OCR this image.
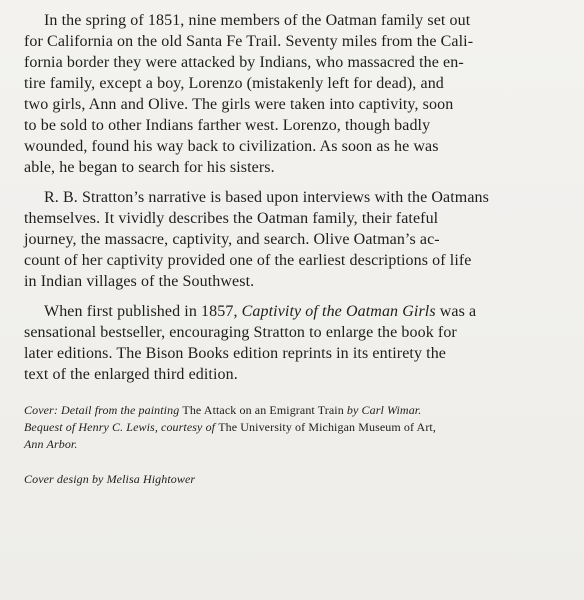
In the spring of 1851, nine members of the Oatman family set out
for California on the old Santa Fe Trail. Seventy miles from the Cali-
fornia border they were attacked by Indians, who massacred the en-
tire family, except a boy, Lorenzo (mistakenly left for dead), and
two girls, Ann and Olive. The girls were taken into captivity, soon
to be sold to other Indians farther west. Lorenzo, though badly
wounded, found his way back to civilization. As soon as he was
able, he began to search for his sisters.

R. B. Stratton’s narrative is based upon interviews with the Oatmans
themselves. It vividly describes the Oatman family, their fateful
journey, the massacre, captivity, and search. Olive Oatman’s ac-
count of her captivity provided one of the earliest descriptions of life
in Indian villages of the Southwest.

When first published in 1857, Captivity of the Oatman Girls was a
sensational bestseller, encouraging Stratton to enlarge the book for
later editions. The Bison Books edition reprints in its entirety the
text of the enlarged third edition.

Cover: Detail from the painting The Attack on an Emigrant Train by Carl Wimar.
Bequest of Henry C. Lewis, courtesy of The University of Michigan Museum of Art,
Ann Arbor.

Cover design by Melisa Hightower
